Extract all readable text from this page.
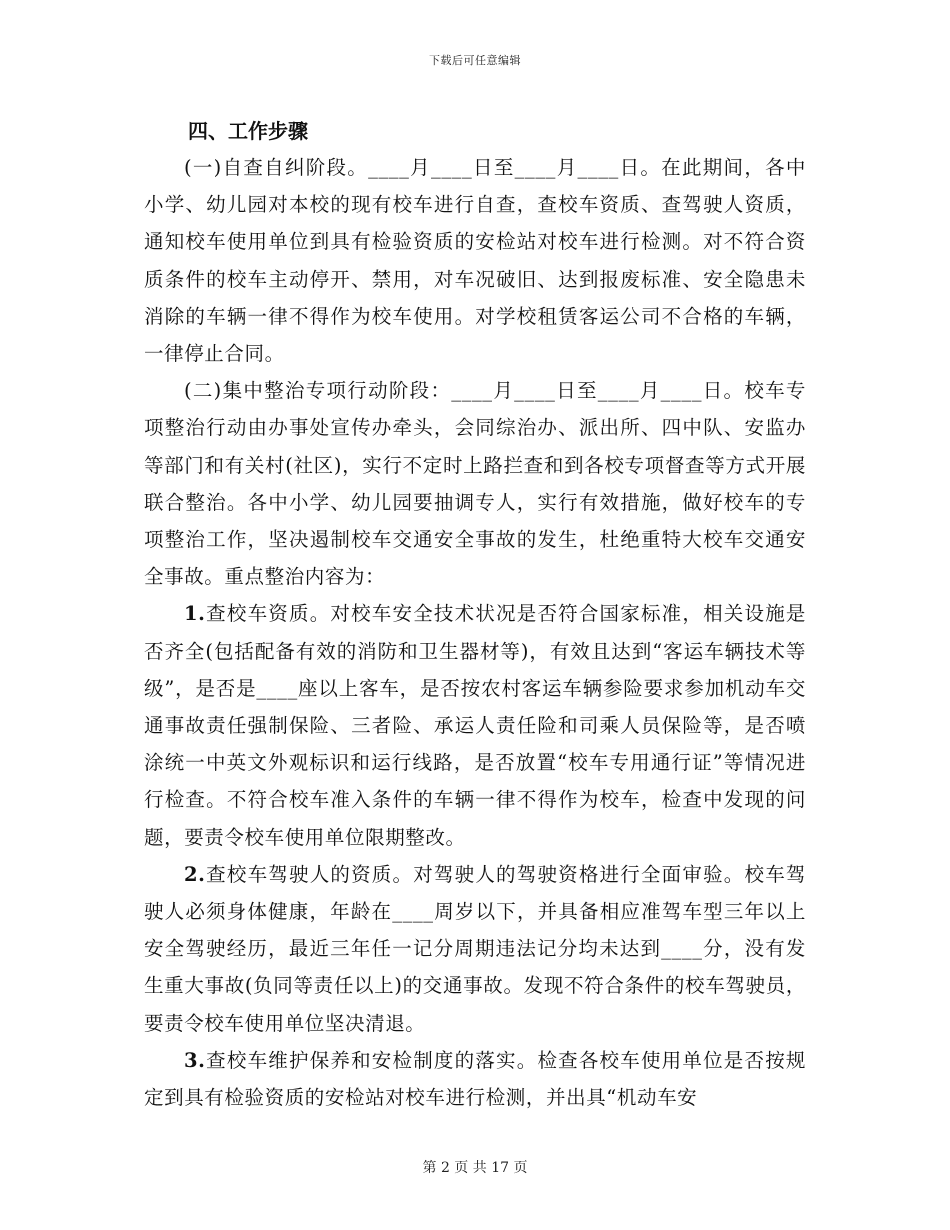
下载后可任意编辑
四、工作步骤

(一)自查自纠阶段。____月____日至____月____日。在此期间，各中小学、幼儿园对本校的现有校车进行自查，查校车资质、查驾驶人资质，通知校车使用单位到具有检验资质的安检站对校车进行检测。对不符合资质条件的校车主动停开、禁用，对车况破旧、达到报废标准、安全隐患未消除的车辆一律不得作为校车使用。对学校租赁客运公司不合格的车辆，一律停止合同。

(二)集中整治专项行动阶段：____月____日至____月____日。校车专项整治行动由办事处宣传办牵头，会同综治办、派出所、四中队、安监办等部门和有关村(社区)，实行不定时上路拦查和到各校专项督查等方式开展联合整治。各中小学、幼儿园要抽调专人，实行有效措施，做好校车的专项整治工作，坚决遏制校车交通安全事故的发生，杜绝重特大校车交通安全事故。重点整治内容为：

1.查校车资质。对校车安全技术状况是否符合国家标准，相关设施是否齐全(包括配备有效的消防和卫生器材等)，有效且达到“客运车辆技术等级”，是否是____座以上客车，是否按农村客运车辆参险要求参加机动车交通事故责任强制保险、三者险、承运人责任险和司乘人员保险等，是否喷涂统一中英文外观标识和运行线路，是否放置“校车专用通行证”等情况进行检查。不符合校车准入条件的车辆一律不得作为校车，检查中发现的问题，要责令校车使用单位限期整改。

2.查校车驾驶人的资质。对驾驶人的驾驶资格进行全面审验。校车驾驶人必须身体健康，年龄在____周岁以下，并具备相应准驾车型三年以上安全驾驶经历，最近三年任一记分周期违法记分均未达到____分，没有发生重大事故(负同等责任以上)的交通事故。发现不符合条件的校车驾驶员，要责令校车使用单位坚决清退。

3.查校车维护保养和安检制度的落实。检查各校车使用单位是否按规定到具有检验资质的安检站对校车进行检测，并出具“机动车安

第 2 页 共 17 页
